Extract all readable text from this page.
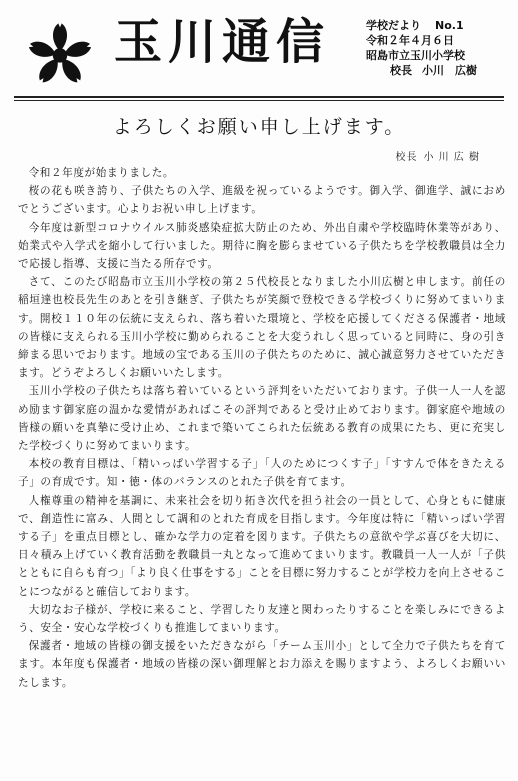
玉川通信	学校だより No.1
令和２年４月６日
昭島市立玉川小学校
校長 小川　広樹
よろしくお願い申し上げます。
校長 小 川 広 樹

令和２年度が始まりました。

桜の花も咲き誇り、子供たちの入学、進級を祝っているようです。御入学、御進学、誠におめでとうございます。心よりお祝い申し上げます。

今年度は新型コロナウイルス肺炎感染症拡大防止のため、外出自粛や学校臨時休業等があり、始業式や入学式を縮小して行いました。期待に胸を膨らませている子供たちを学校教職員は全力で応援し指導、支援に当たる所存です。

さて、このたび昭島市立玉川小学校の第２５代校長となりました小川広樹と申します。前任の稲垣達也校長先生のあとを引き継ぎ、子供たちが笑顔で登校できる学校づくりに努めてまいります。開校１１０年の伝統に支えられ、落ち着いた環境と、学校を応援してくださる保護者・地域の皆様に支えられる玉川小学校に勤められることを大変うれしく思っていると同時に、身の引き締まる思いでおります。地域の宝である玉川の子供たちのために、誠心誠意努力させていただきます。どうぞよろしくお願いいたします。

玉川小学校の子供たちは落ち着いているという評判をいただいております。子供一人一人を認め励ます御家庭の温かな愛情があればこその評判であると受け止めております。御家庭や地域の皆様の願いを真摯に受け止め、これまで築いてこられた伝統ある教育の成果にたち、更に充実した学校づくりに努めてまいります。

本校の教育目標は、「精いっぱい学習する子」「人のためにつくす子」「すすんで体をきたえる子」の育成です。知・徳・体のバランスのとれた子供を育てます。

人権尊重の精神を基調に、未来社会を切り拓き次代を担う社会の一員として、心身ともに健康で、創造性に富み、人間として調和のとれた育成を目指します。今年度は特に「精いっぱい学習する子」を重点目標とし、確かな学力の定着を図ります。子供たちの意欲や学ぶ喜びを大切に、日々積み上げていく教育活動を教職員一丸となって進めてまいります。教職員一人一人が「子供とともに自らも育つ」「より良く仕事をする」ことを目標に努力することが学校力を向上させることにつながると確信しております。

大切なお子様が、学校に来ること、学習したり友達と関わったりすることを楽しみにできるよう、安全・安心な学校づくりも推進してまいります。

保護者・地域の皆様の御支援をいただきながら「チーム玉川小」として全力で子供たちを育てます。本年度も保護者・地域の皆様の深い御理解とお力添えを賜りますよう、よろしくお願いいたします。
